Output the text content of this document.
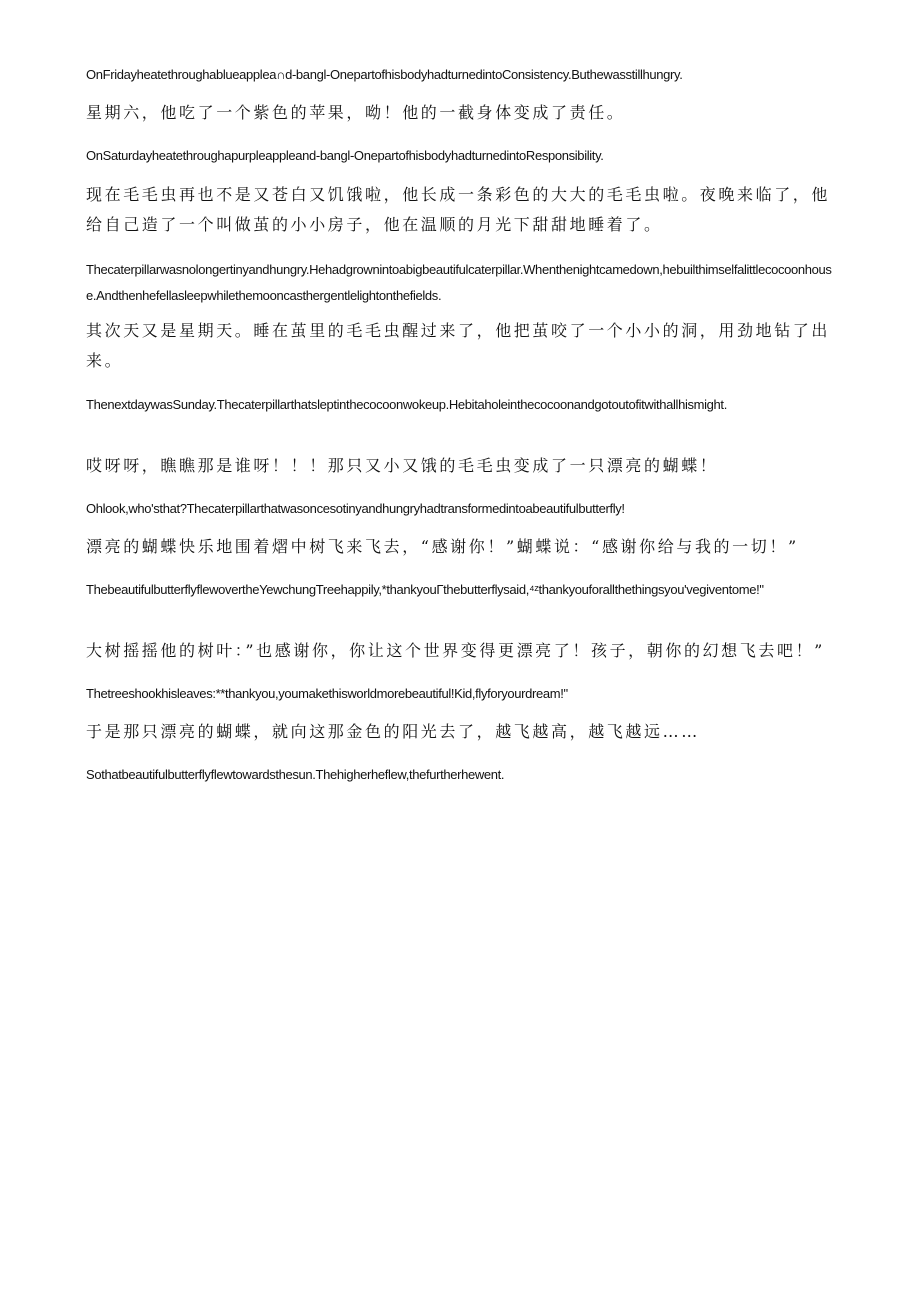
OnFridayheatethroughablueapplea∩d-bangl-OnepartofhisbodyhadturnedintoConsistency.Buthewasstillhungry.

星期六，他吃了一个紫色的苹果，呦！他的一截身体变成了责任。

OnSaturdayheatethroughapurpleappleand-bangl-OnepartofhisbodyhadturnedintoResponsibility.

现在毛毛虫再也不是又苍白又饥饿啦，他长成一条彩色的大大的毛毛虫啦。夜晚来临了，他给自己造了一个叫做茧的小小房子，他在温顺的月光下甜甜地睡着了。

Thecaterpillarwasnolongertinyandhungry.Hehadgrownintoabigbeautifulcaterpillar.Whenthenightcamedown,hebuilthimselfalittlecocoonhouse.Andthenhefellasleepwhilethemooncasthergentlelightonthefields.

其次天又是星期天。睡在茧里的毛毛虫醒过来了，他把茧咬了一个小小的洞，用劲地钻了出来。

ThenextdaywasSunday.Thecaterpillarthatsleptinthecocoonwokeup.Hebitaholeinthecocoonandgotoutofitwithallhismight.

哎呀呀，瞧瞧那是谁呀！！！那只又小又饿的毛毛虫变成了一只漂亮的蝴蝶！

Ohlook,who'sthat?Thecaterpillarthatwasoncesotinyandhungryhadtransformedintoabeautifulbutterfly!

漂亮的蝴蝶快乐地围着熠中树飞来飞去，“感谢你！”蝴蝶说：“感谢你给与我的一切！”

ThebeautifulbutterflyflewovertheYewchungTreehappily,*thankyouΓthebutterflysaid,⁴ᶻthankyouforallthethingsyou'vegiventome!"

大树摇摇他的树叶：”也感谢你，你让这个世界变得更漂亮了！孩子，朝你的幻想飞去吧！”

Thetreeshookhisleaves:**thankyou,youmakethisworldmorebeautiful!Kid,flyforyourdream!"

于是那只漂亮的蝴蝶，就向这那金色的阳光去了，越飞越高，越飞越远……

Sothatbeautifulbutterflyflewtowardsthesun.Thehigherheflew,thefurtherhewent.
